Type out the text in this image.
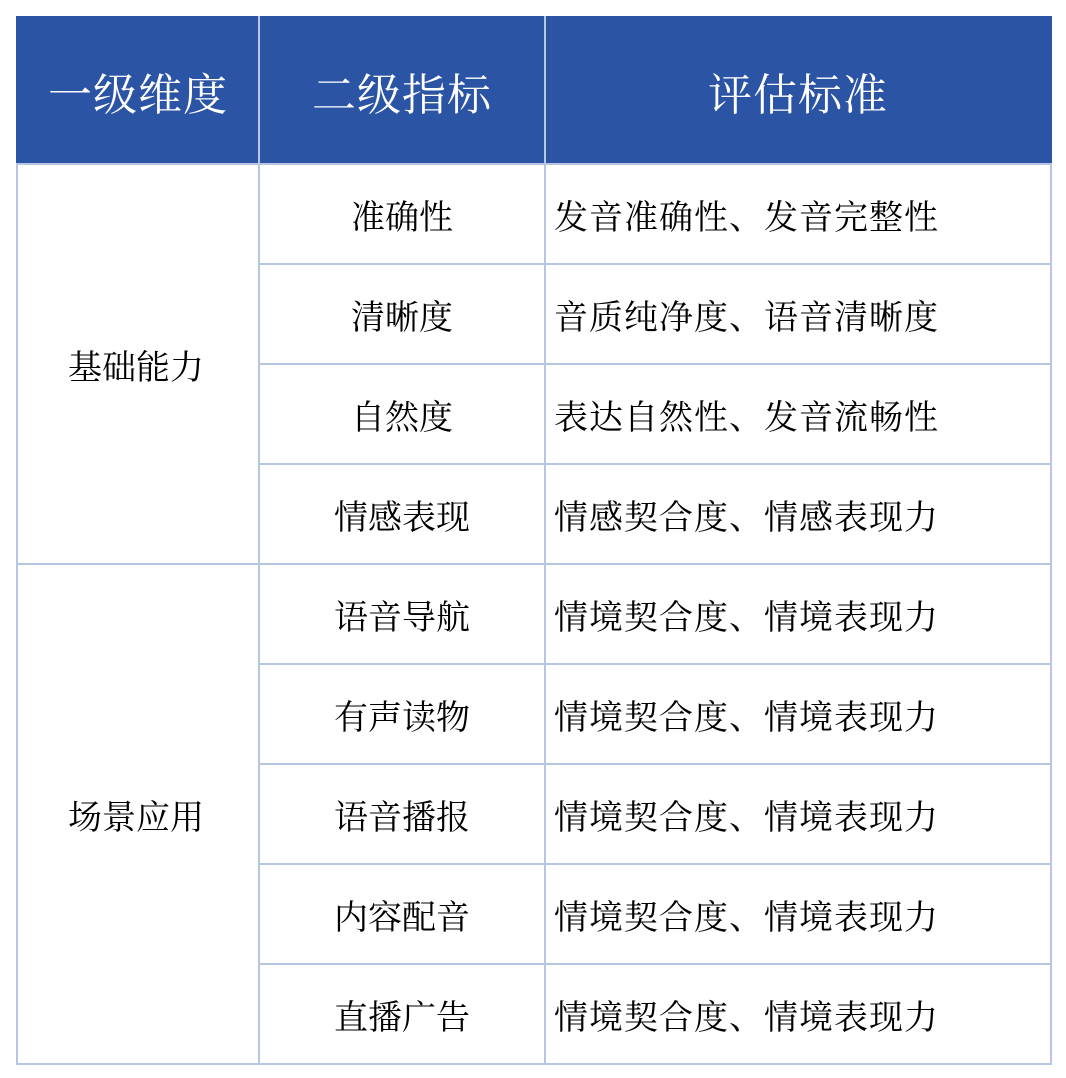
一级维度	二级指标	评估标准
基础能力	准确性	发音准确性、发音完整性
	清晰度	音质纯净度、语音清晰度
	自然度	表达自然性、发音流畅性
	情感表现	情感契合度、情感表现力
场景应用	语音导航	情境契合度、情境表现力
	有声读物	情境契合度、情境表现力
	语音播报	情境契合度、情境表现力
	内容配音	情境契合度、情境表现力
	直播广告	情境契合度、情境表现力
